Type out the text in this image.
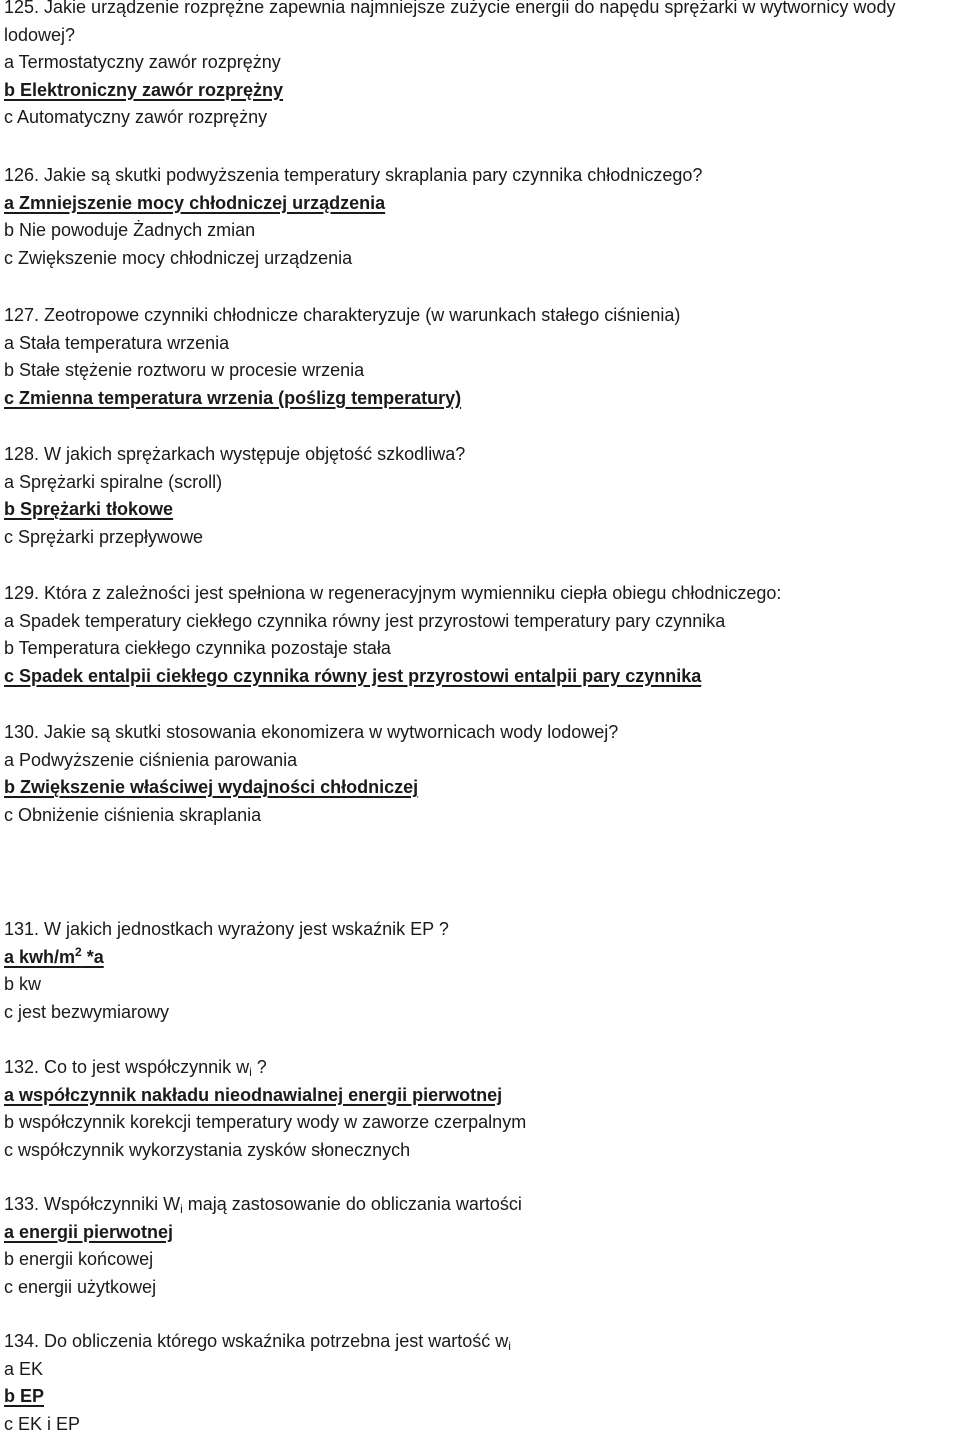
125. Jakie urządzenie rozprężne zapewnia najmniejsze zużycie energii do napędu sprężarki w wytwornicy wody lodowej?
a Termostatyczny zawór rozprężny
b Elektroniczny zawór rozprężny
c Automatyczny zawór rozprężny
126. Jakie są skutki podwyższenia temperatury skraplania pary czynnika chłodniczego?
a Zmniejszenie mocy chłodniczej urządzenia
b Nie powoduje Żadnych zmian
c Zwiększenie mocy chłodniczej urządzenia
127. Zeotropowe czynniki chłodnicze charakteryzuje (w warunkach stałego ciśnienia)
a Stała temperatura wrzenia
b Stałe stężenie roztworu w procesie wrzenia
c Zmienna temperatura wrzenia (poślizg temperatury)
128. W jakich sprężarkach występuje objętość szkodliwa?
a Sprężarki spiralne (scroll)
b Sprężarki tłokowe
c Sprężarki przepływowe
129. Która z zależności jest spełniona w regeneracyjnym wymienniku ciepła obiegu chłodniczego:
a Spadek temperatury ciekłego czynnika równy jest przyrostowi temperatury pary czynnika
b Temperatura ciekłego czynnika pozostaje stała
c Spadek entalpii ciekłego czynnika równy jest przyrostowi entalpii pary czynnika
130. Jakie są skutki stosowania ekonomizera w wytwornicach wody lodowej?
a Podwyższenie ciśnienia parowania
b Zwiększenie właściwej wydajności chłodniczej
c Obniżenie ciśnienia skraplania
131. W jakich jednostkach wyrażony jest wskaźnik EP ?
a kwh/$m^2$ *a
b kw
c jest bezwymiarowy
132. Co to jest współczynnik $w_i$ ?
a współczynnik nakładu nieodnawialnej energii pierwotnej
b współczynnik korekcji temperatury wody w zaworze czerpalnym
c współczynnik wykorzystania zysków słonecznych
133. Współczynniki $W_i$ mają zastosowanie do obliczania wartości
a energii pierwotnej
b energii końcowej
c energii użytkowej
134. Do obliczenia którego wskaźnika potrzebna jest wartość $w_i$
a EK
b EP
c EK i EP
